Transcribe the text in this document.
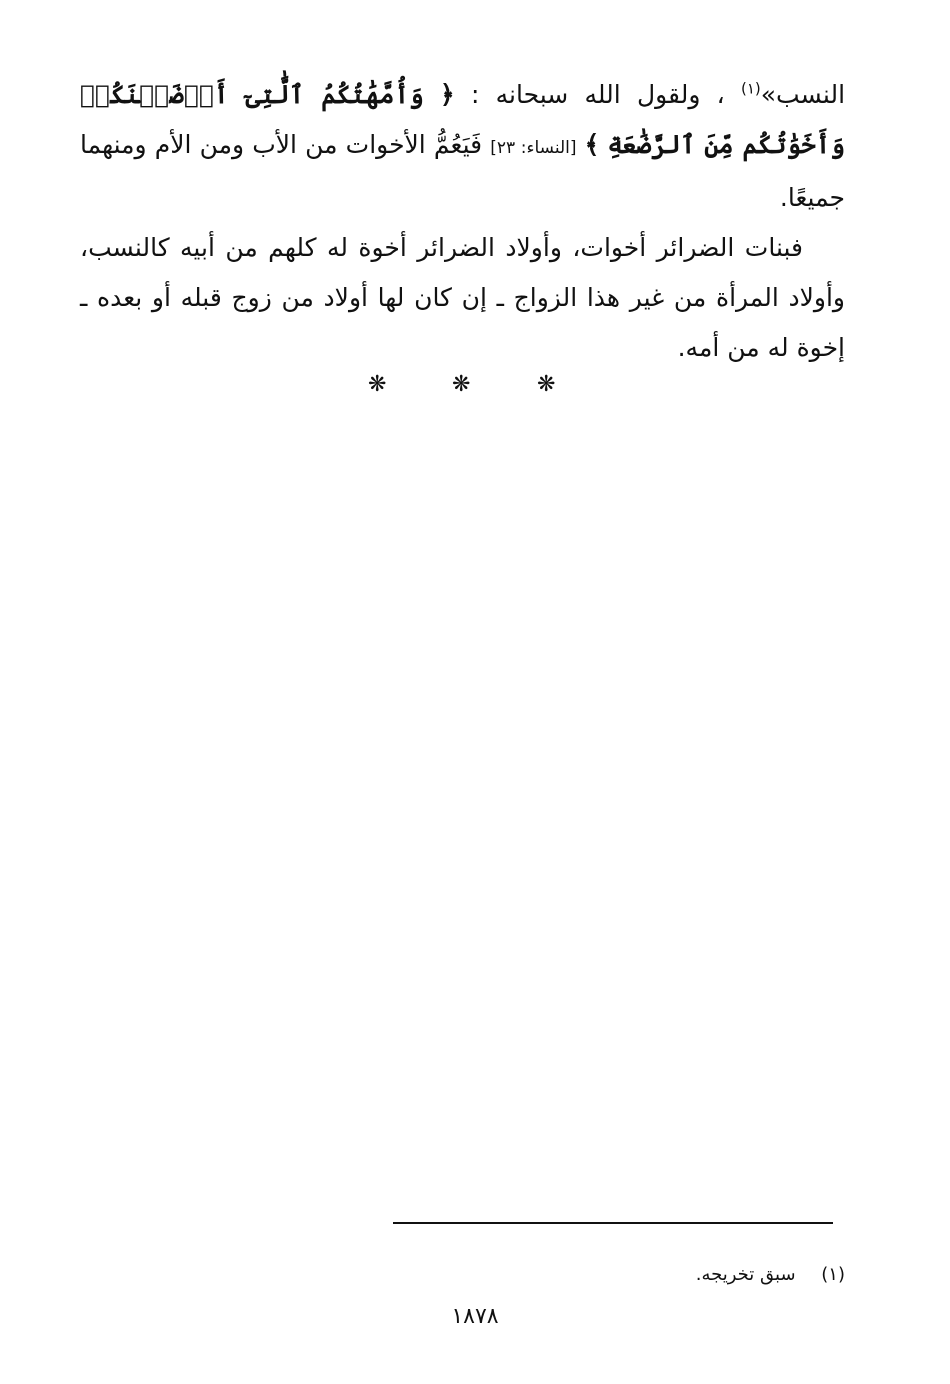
النسب»$^{(١)}$ ، ولقول الله سبحانه : ﴿ وَأُمَّهَٰتُكُمُ ٱلَّٰتِىٓ أَرۡضَعۡنَكُمۡ وَأَخَوَٰتُكُم مِّنَ ٱلرَّضَٰعَةِ ﴾ [النساء: ٢٣] فَيَعُمُّ الأخوات من الأب ومن الأم ومنهما جميعًا.

فبنات الضرائر أخوات، وأولاد الضرائر أخوة له كلهم من أبيه كالنسب، وأولاد المرأة من غير هذا الزواج ـ إن كان لها أولاد من زوج قبله أو بعده ـ إخوة له من أمه.

❋	❋	❋
(١) سبق تخريجه.
١٨٧٨
